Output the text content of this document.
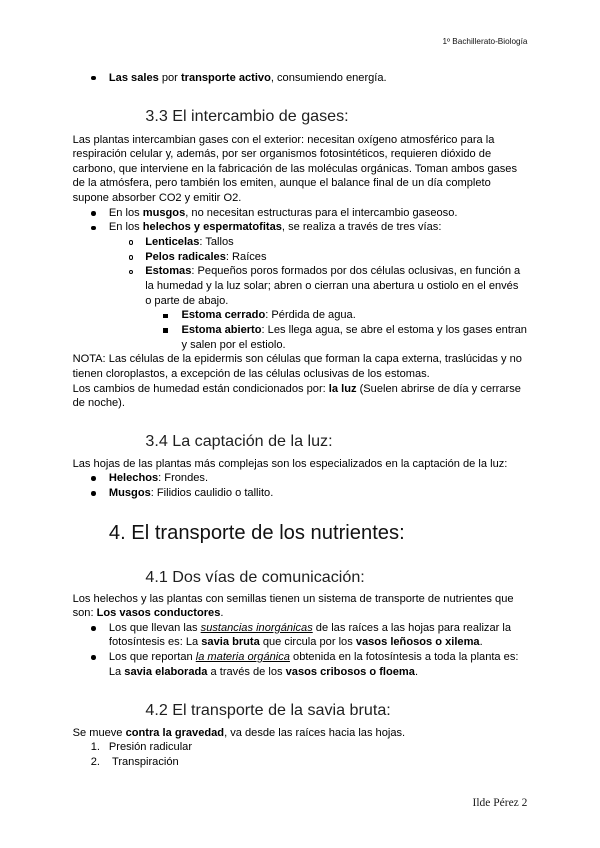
1º Bachillerato-Biología
Las sales por transporte activo, consumiendo energía.
3.3 El intercambio de gases:

Las plantas intercambian gases con el exterior: necesitan oxígeno atmosférico para la respiración celular y, además, por ser organismos fotosintéticos, requieren dióxido de carbono, que interviene en la fabricación de las moléculas orgánicas. Toman ambos gases de la atmósfera, pero también los emiten, aunque el balance final de un día completo supone absorber CO2 y emitir O2.

En los musgos, no necesitan estructuras para el intercambio gaseoso.
En los helechos y espermatofitas, se realiza a través de tres vías:
Lenticelas: Tallos
Pelos radicales: Raíces
Estomas: Pequeños poros formados por dos células oclusivas, en función a la humedad y la luz solar; abren o cierran una abertura u ostiolo en el envés o parte de abajo.
Estoma cerrado: Pérdida de agua.
Estoma abierto: Les llega agua, se abre el estoma y los gases entran y salen por el estiolo.

NOTA: Las células de la epidermis son células que forman la capa externa, traslúcidas y no tienen cloroplastos, a excepción de las células oclusivas de los estomas.

Los cambios de humedad están condicionados por: la luz (Suelen abrirse de día y cerrarse de noche).

3.4 La captación de la luz:

Las hojas de las plantas más complejas son los especializados en la captación de la luz:

Helechos: Frondes.
Musgos: Filidios caulidio o tallito.
4. El transporte de los nutrientes:
4.1 Dos vías de comunicación:

Los helechos y las plantas con semillas tienen un sistema de transporte de nutrientes que son: Los vasos conductores.

Los que llevan las sustancias inorgánicas de las raíces a las hojas para realizar la fotosíntesis es: La savia bruta que circula por los vasos leñosos o xilema.
Los que reportan la materia orgánica obtenida en la fotosíntesis a toda la planta es: La savia elaborada a través de los vasos cribosos o floema.
4.2 El transporte de la savia bruta:

Se mueve contra la gravedad, va desde las raíces hacia las hojas.

1. Presión radicular
2. Transpiración
Ilde Pérez 2
